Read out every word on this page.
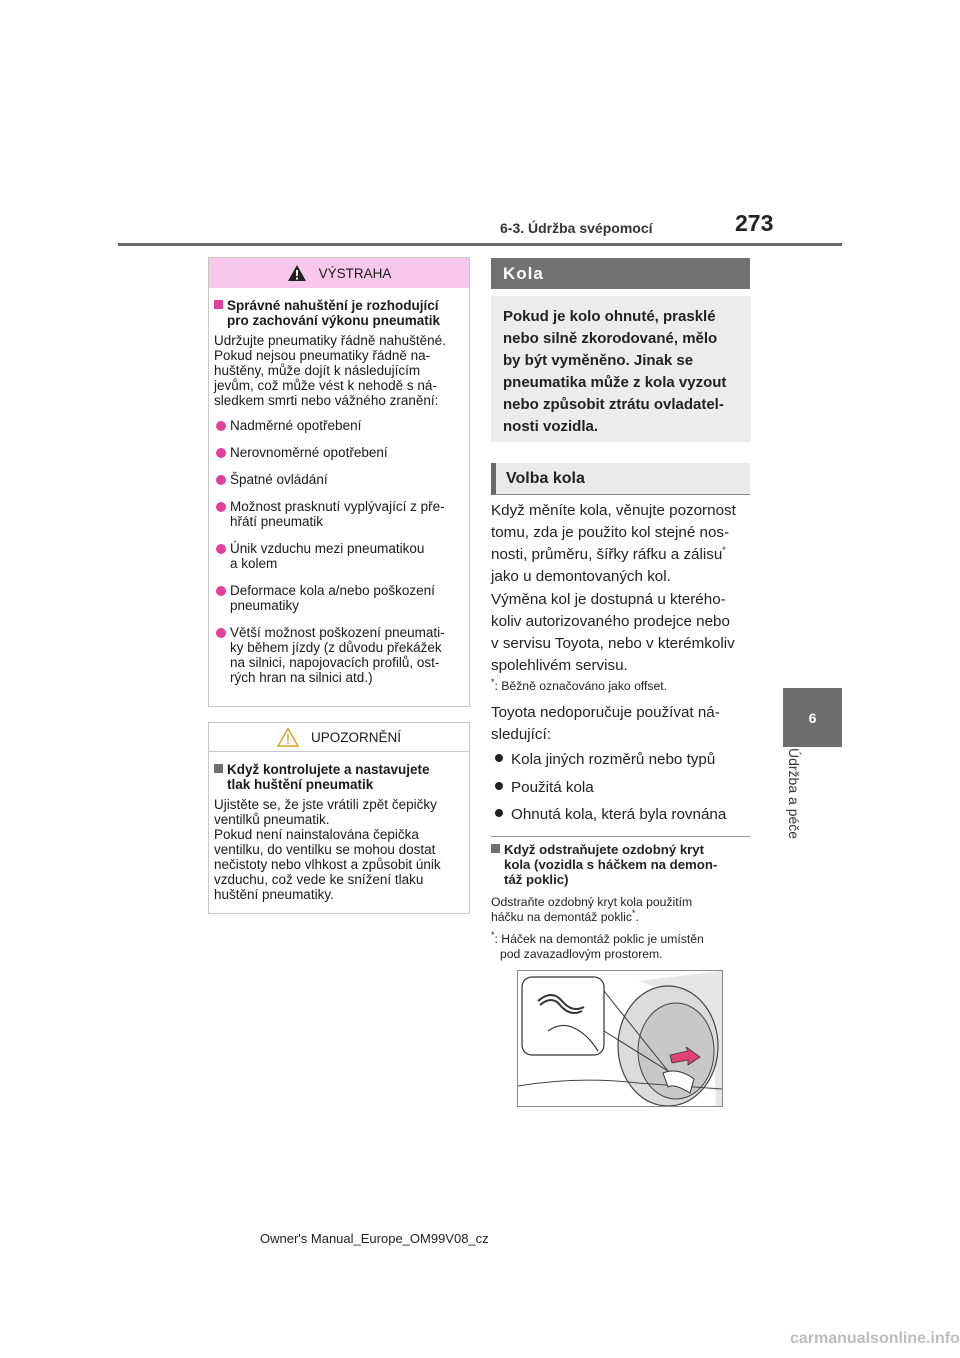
6-3. Údržba svépomocí	273
6
Údržba a péče
VÝSTRAHA
Správné nahuštění je rozhodující
pro zachování výkonu pneumatik
Udržujte pneumatiky řádně nahuštěné.
Pokud nejsou pneumatiky řádně na-
huštěny, může dojít k následujícím
jevům, což může vést k nehodě s ná-
sledkem smrti nebo vážného zranění:
Nadměrné opotřebení
Nerovnoměrné opotřebení
Špatné ovládání
Možnost prasknutí vyplývající z pře-
hřátí pneumatik
Únik vzduchu mezi pneumatikou
a kolem
Deformace kola a/nebo poškození
pneumatiky
Větší možnost poškození pneumati-
ky během jízdy (z důvodu překážek
na silnici, napojovacích profilů, ost-
rých hran na silnici atd.)
UPOZORNĚNÍ
Když kontrolujete a nastavujete
tlak huštění pneumatik
Ujistěte se, že jste vrátili zpět čepičky
ventilků pneumatik.
Pokud není nainstalována čepička
ventilku, do ventilku se mohou dostat
nečistoty nebo vlhkost a způsobit únik
vzduchu, což vede ke snížení tlaku
huštění pneumatiky.
Kola
Pokud je kolo ohnuté, prasklé
nebo silně zkorodované, mělo
by být vyměněno. Jinak se
pneumatika může z kola vyzout
nebo způsobit ztrátu ovladatel-
nosti vozidla.
Volba kola
Když měníte kola, věnujte pozornost
tomu, zda je použito kol stejné nos-
nosti, průměru, šířky ráfku a zálisu*
jako u demontovaných kol.
Výměna kol je dostupná u kterého-
koliv autorizovaného prodejce nebo
v servisu Toyota, nebo v kterémkoliv
spolehlivém servisu.
*: Běžně označováno jako offset.
Toyota nedoporučuje používat ná-
sledující:
Kola jiných rozměrů nebo typů
Použitá kola
Ohnutá kola, která byla rovnána
Když odstraňujete ozdobný kryt
kola (vozidla s háčkem na demon-
táž poklic)
Odstraňte ozdobný kryt kola použitím
háčku na demontáž poklic*.
*: Háček na demontáž poklic je umístěn
pod zavazadlovým prostorem.
Owner's Manual_Europe_OM99V08_cz
carmanualsonline.info
